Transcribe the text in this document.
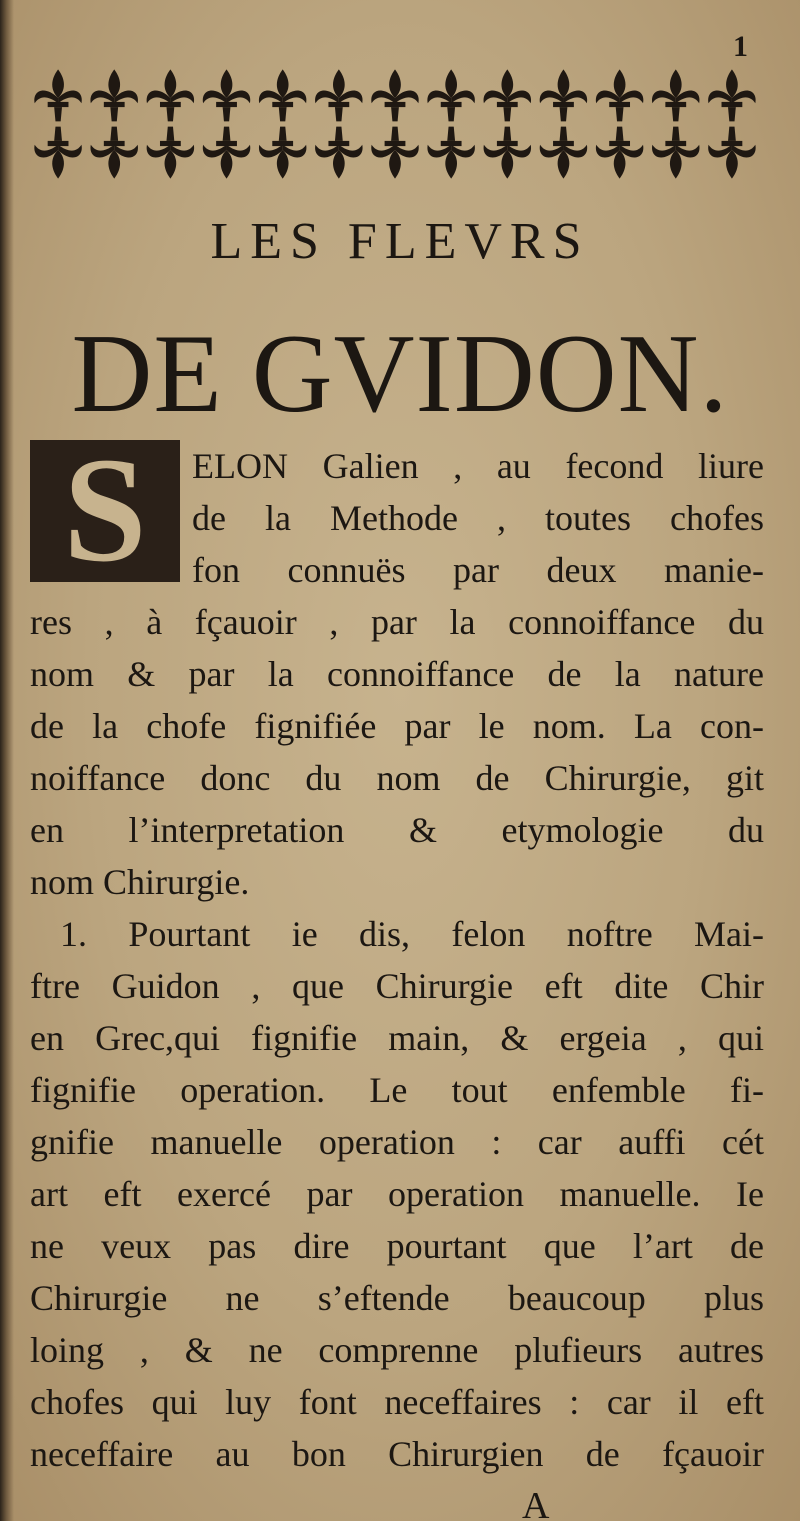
1
LES FLEVRS
DE GVIDON.
S	ELON Galien , au fecond liure
de la Methode , toutes chofes
fon connuës par deux manie-
res , à fçauoir , par la connoiffance du
nom & par la connoiffance de la nature
de la chofe fignifiée par le nom. La con-
noiffance donc du nom de Chirurgie, git
en l’interpretation & etymologie du
nom Chirurgie.
1. Pourtant ie dis, felon noftre Mai-
ftre Guidon , que Chirurgie eft dite Chir
en Grec,qui fignifie main, & ergeia , qui
fignifie operation. Le tout enfemble fi-
gnifie manuelle operation : car auffi cét
art eft exercé par operation manuelle. Ie
ne veux pas dire pourtant que l’art de
Chirurgie ne s’eftende beaucoup plus
loing , & ne comprenne plufieurs autres
chofes qui luy font neceffaires : car il eft
neceffaire au bon Chirurgien de fçauoir
A
